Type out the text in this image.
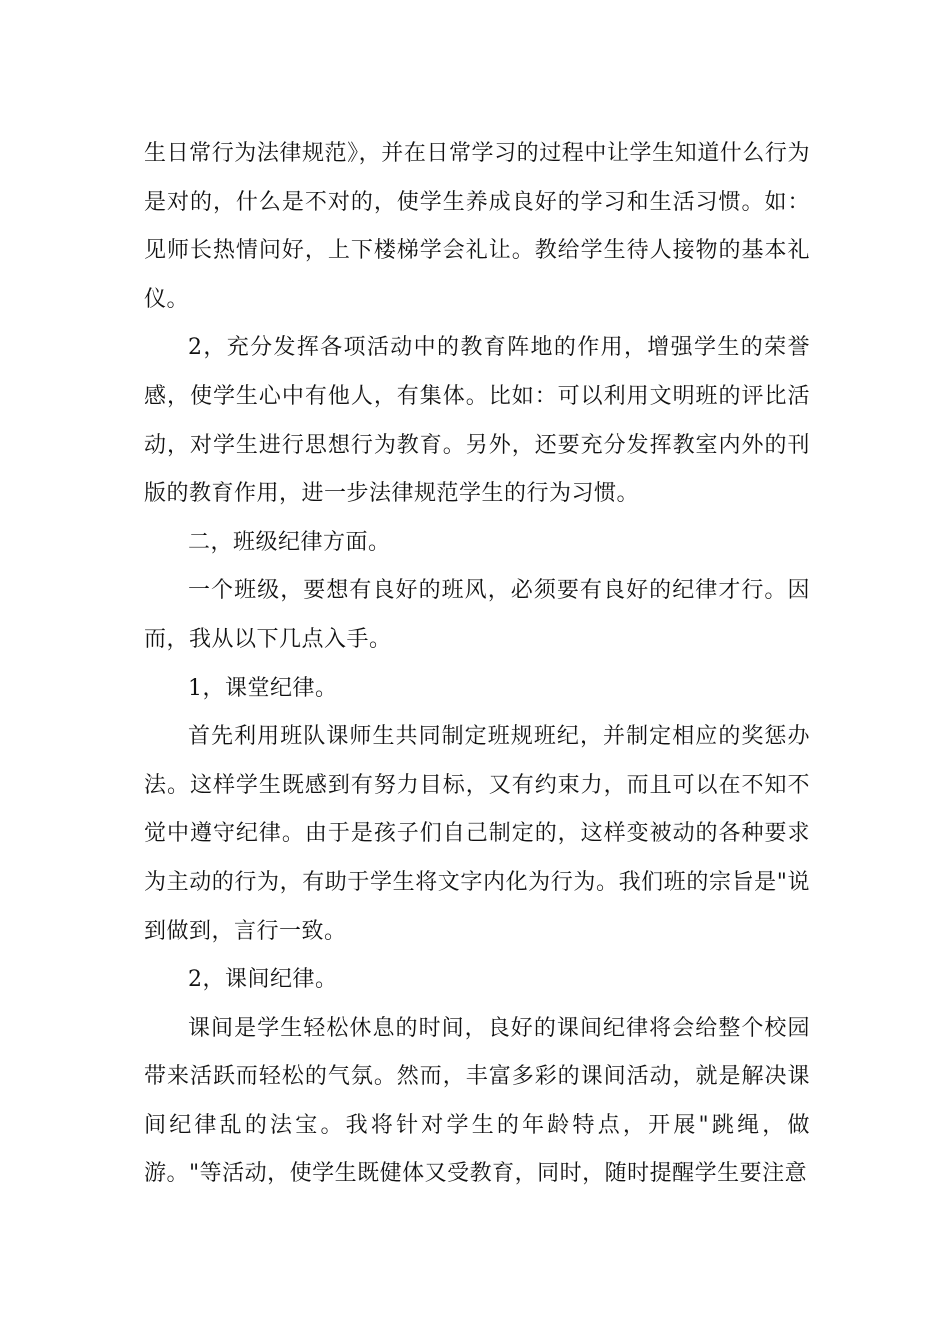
生日常行为法律规范》，并在日常学习的过程中让学生知道什么行为是对的，什么是不对的，使学生养成良好的学习和生活习惯。如：见师长热情问好，上下楼梯学会礼让。教给学生待人接物的基本礼仪。

2，充分发挥各项活动中的教育阵地的作用，增强学生的荣誉感，使学生心中有他人，有集体。比如：可以利用文明班的评比活动，对学生进行思想行为教育。另外，还要充分发挥教室内外的刊版的教育作用，进一步法律规范学生的行为习惯。

二，班级纪律方面。

一个班级，要想有良好的班风，必须要有良好的纪律才行。因而，我从以下几点入手。

1，课堂纪律。

首先利用班队课师生共同制定班规班纪，并制定相应的奖惩办法。这样学生既感到有努力目标，又有约束力，而且可以在不知不觉中遵守纪律。由于是孩子们自己制定的，这样变被动的各种要求为主动的行为，有助于学生将文字内化为行为。我们班的宗旨是"说到做到，言行一致。

2，课间纪律。

课间是学生轻松休息的时间，良好的课间纪律将会给整个校园带来活跃而轻松的气氛。然而，丰富多彩的课间活动，就是解决课间纪律乱的法宝。我将针对学生的年龄特点，开展"跳绳，做游。"等活动，使学生既健体又受教育，同时，随时提醒学生要注意
